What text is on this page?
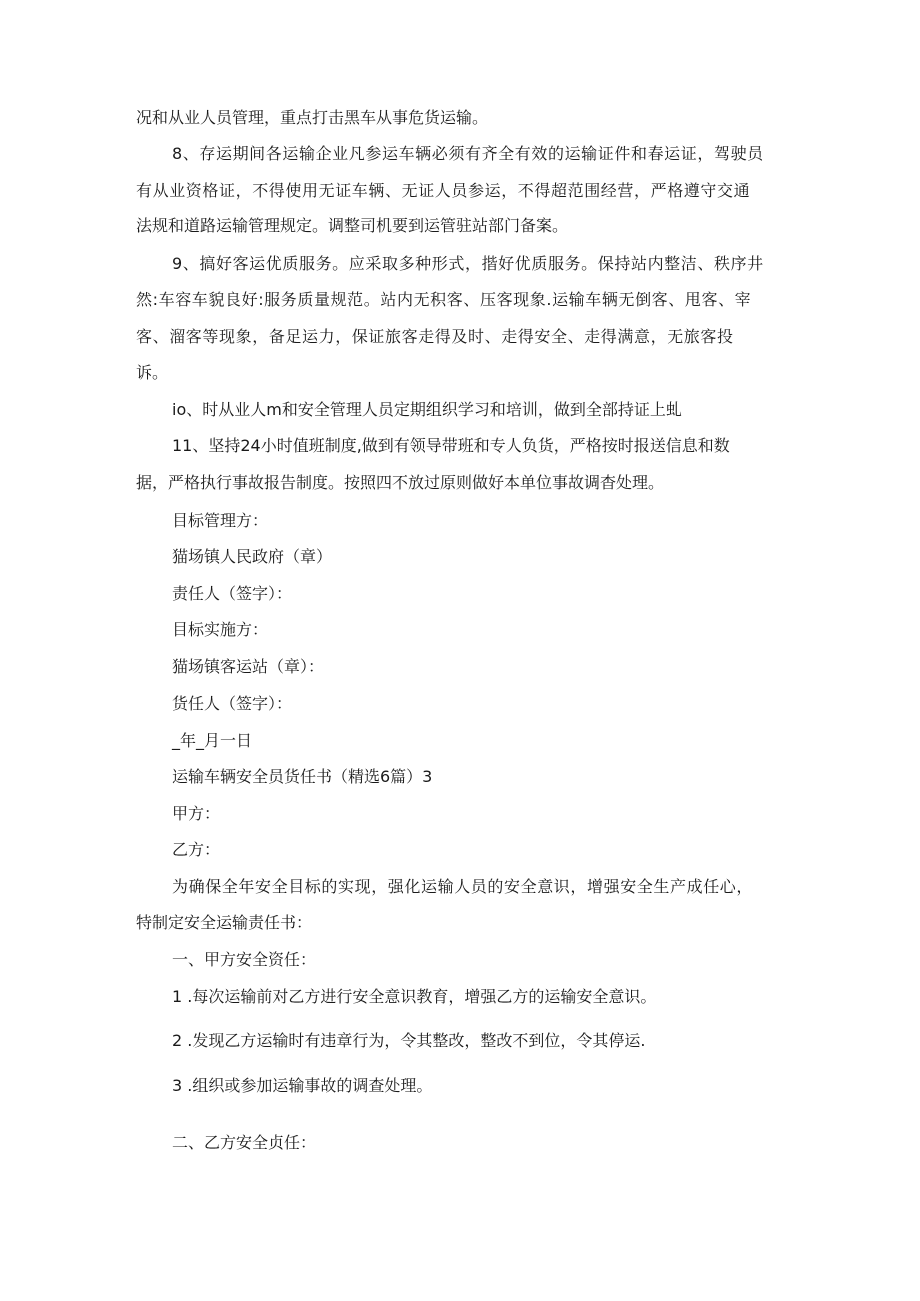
况和从业人员管理，重点打击黑车从事危货运输。
8、存运期间各运输企业凡参运车辆必须有齐全有效的运输证件和春运证，驾驶员
有从业资格证，不得使用无证车辆、无证人员参运，不得超范围经营，严格遵守交通
法规和道路运输管理规定。调整司机要到运管驻站部门备案。
9、搞好客运优质服务。应采取多种形式，揩好优质服务。保持站内整洁、秩序井
然:车容车貌良好:服务质量规范。站内无积客、压客现象.运输车辆无倒客、甩客、宰
客、溜客等现象，备足运力，保证旅客走得及时、走得安全、走得满意，无旅客投
诉。
io、时从业人m和安全管理人员定期组织学习和培训，做到全部持证上虬
11、坚持24小时值班制度,做到有领导带班和专人负货，严格按时报送信息和数
据，严格执行事故报告制度。按照四不放过原则做好本单位事故调杳处理。
目标管理方：
猫场镇人民政府（章）
责任人（签字）：
目标实施方：
猫场镇客运站（章）：
货任人（签字）：
_年_月一日
运输车辆安全员货任书（精选6篇）3
甲方：
乙方：
为确保全年安全目标的实现，强化运输人员的安全意识，增强安全生产成任心，
特制定安全运输责任书：
一、甲方安全资任：
1 .每次运输前对乙方进行安全意识教育，增强乙方的运输安全意识。
2 .发现乙方运输时有违章行为，令其整改，整改不到位，令其停运.
3 .组织或参加运输事故的调查处理。
二、乙方安全贞任：
